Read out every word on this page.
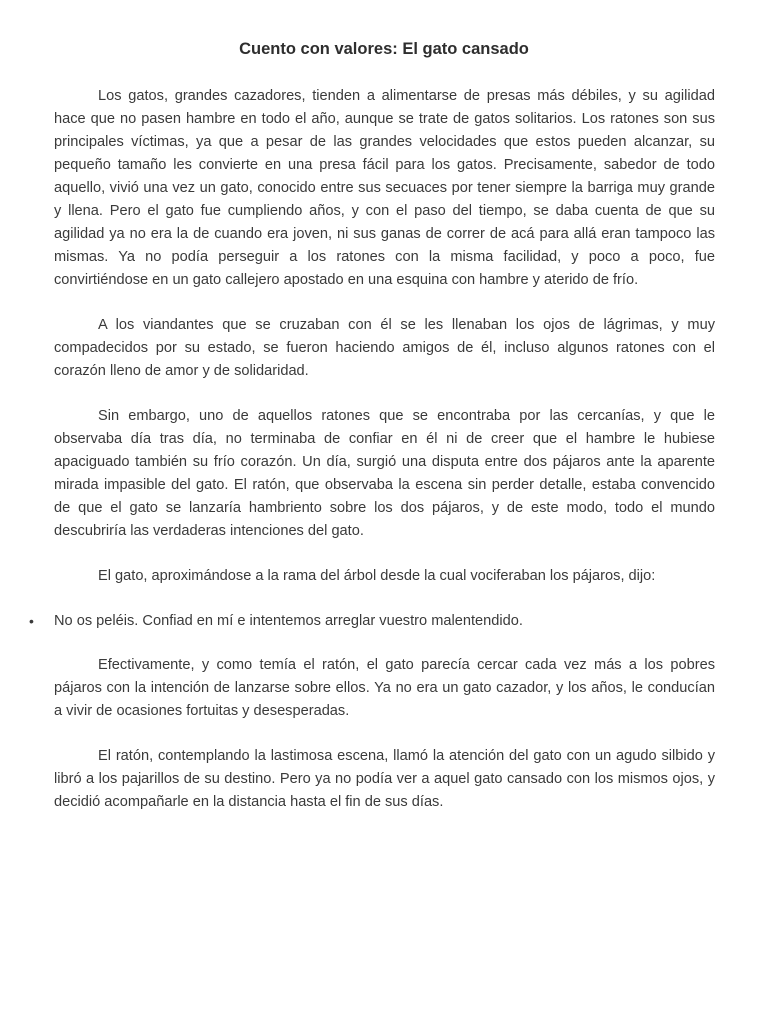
Cuento con valores: El gato cansado

Los gatos, grandes cazadores, tienden a alimentarse de presas más débiles, y su agilidad hace que no pasen hambre en todo el año, aunque se trate de gatos solitarios. Los ratones son sus principales víctimas, ya que a pesar de las grandes velocidades que estos pueden alcanzar, su pequeño tamaño les convierte en una presa fácil para los gatos. Precisamente, sabedor de todo aquello, vivió una vez un gato, conocido entre sus secuaces por tener siempre la barriga muy grande y llena. Pero el gato fue cumpliendo años, y con el paso del tiempo, se daba cuenta de que su agilidad ya no era la de cuando era joven, ni sus ganas de correr de acá para allá eran tampoco las mismas. Ya no podía perseguir a los ratones con la misma facilidad, y poco a poco, fue convirtiéndose en un gato callejero apostado en una esquina con hambre y aterido de frío.

A los viandantes que se cruzaban con él se les llenaban los ojos de lágrimas, y muy compadecidos por su estado, se fueron haciendo amigos de él, incluso algunos ratones con el corazón lleno de amor y de solidaridad.

Sin embargo, uno de aquellos ratones que se encontraba por las cercanías, y que le observaba día tras día, no terminaba de confiar en él ni de creer que el hambre le hubiese apaciguado también su frío corazón. Un día, surgió una disputa entre dos pájaros ante la aparente mirada impasible del gato. El ratón, que observaba la escena sin perder detalle, estaba convencido de que el gato se lanzaría hambriento sobre los dos pájaros, y de este modo, todo el mundo descubriría las verdaderas intenciones del gato.

El gato, aproximándose a la rama del árbol desde la cual vociferaban los pájaros, dijo:

• No os peléis. Confiad en mí e intentemos arreglar vuestro malentendido.

Efectivamente, y como temía el ratón, el gato parecía cercar cada vez más a los pobres pájaros con la intención de lanzarse sobre ellos. Ya no era un gato cazador, y los años, le conducían a vivir de ocasiones fortuitas y desesperadas.

El ratón, contemplando la lastimosa escena, llamó la atención del gato con un agudo silbido y libró a los pajarillos de su destino. Pero ya no podía ver a aquel gato cansado con los mismos ojos, y decidió acompañarle en la distancia hasta el fin de sus días.
